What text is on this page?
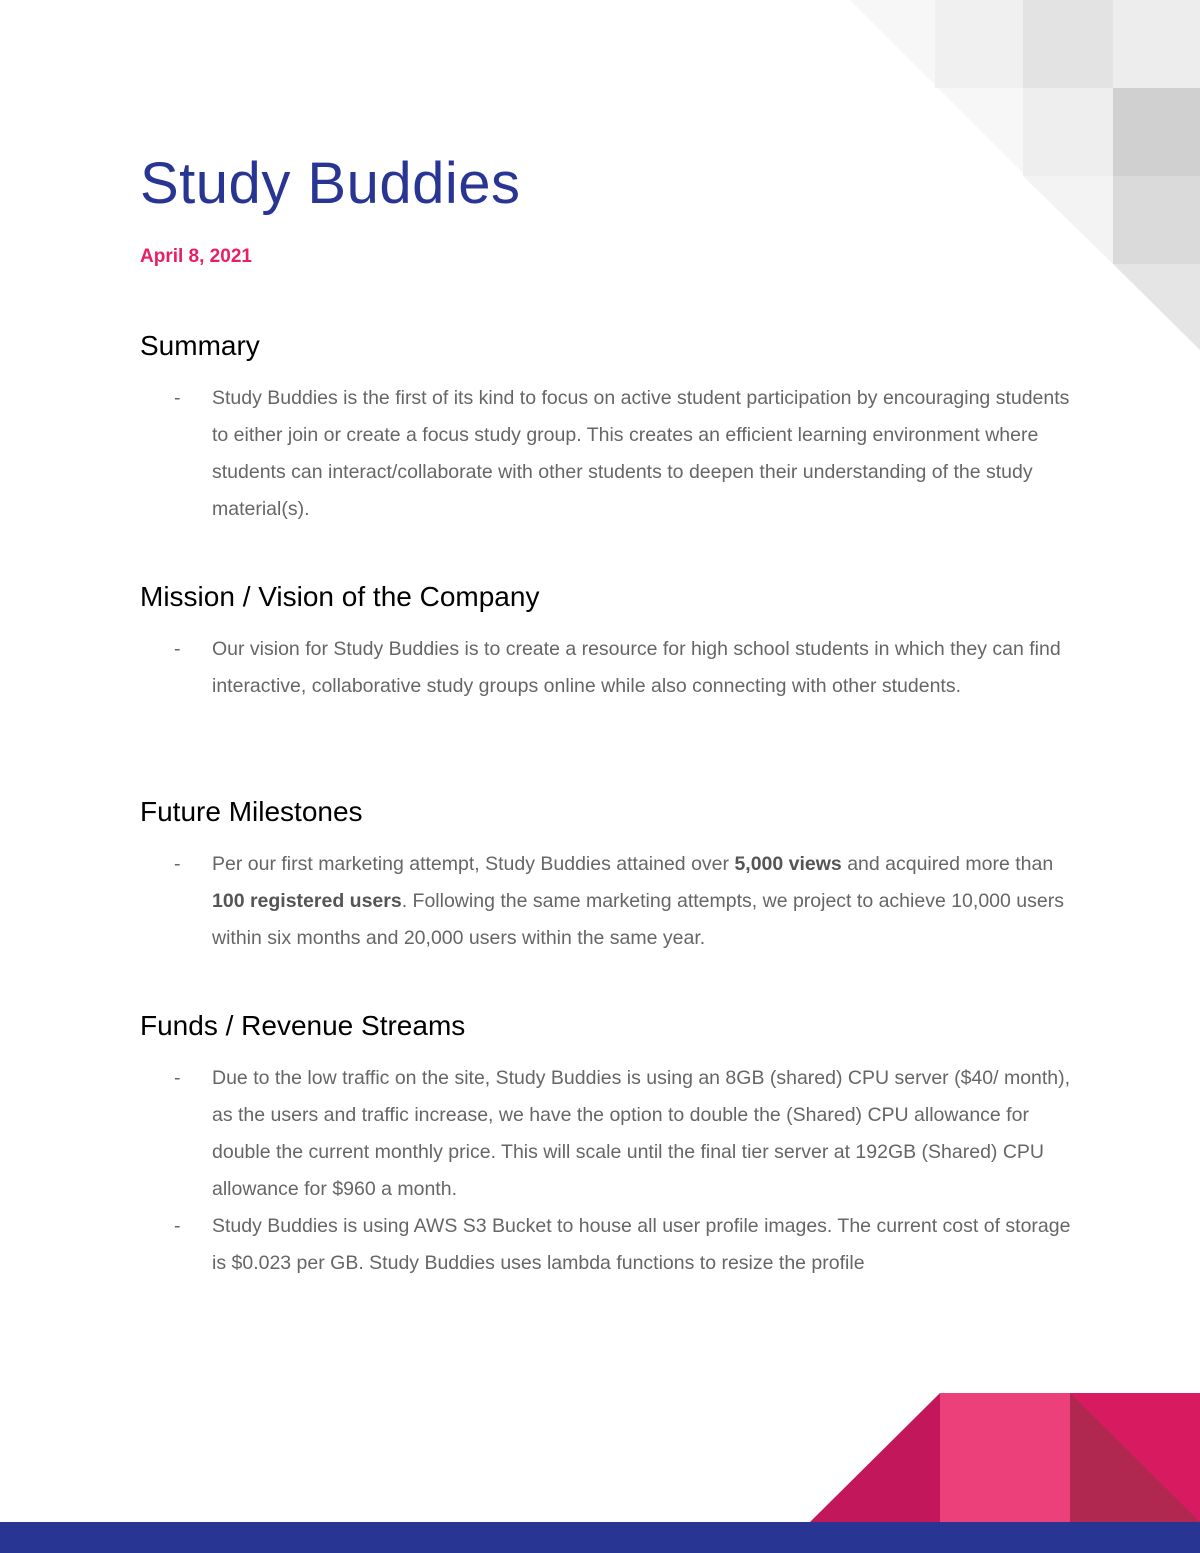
Study Buddies
April 8, 2021
Summary
- Study Buddies is the first of its kind to focus on active student participation by encouraging students to either join or create a focus study group. This creates an efficient learning environment where students can interact/collaborate with other students to deepen their understanding of the study material(s).
Mission / Vision of the Company
- Our vision for Study Buddies is to create a resource for high school students in which they can find interactive, collaborative study groups online while also connecting with other students.
Future Milestones
- Per our first marketing attempt, Study Buddies attained over 5,000 views and acquired more than 100 registered users. Following the same marketing attempts, we project to achieve 10,000 users within six months and 20,000 users within the same year.
Funds / Revenue Streams
- Due to the low traffic on the site, Study Buddies is using an 8GB (shared) CPU server ($40/ month), as the users and traffic increase, we have the option to double the (Shared) CPU allowance for double the current monthly price. This will scale until the final tier server at 192GB (Shared) CPU allowance for $960 a month.
- Study Buddies is using AWS S3 Bucket to house all user profile images. The current cost of storage is $0.023 per GB. Study Buddies uses lambda functions to resize the profile
